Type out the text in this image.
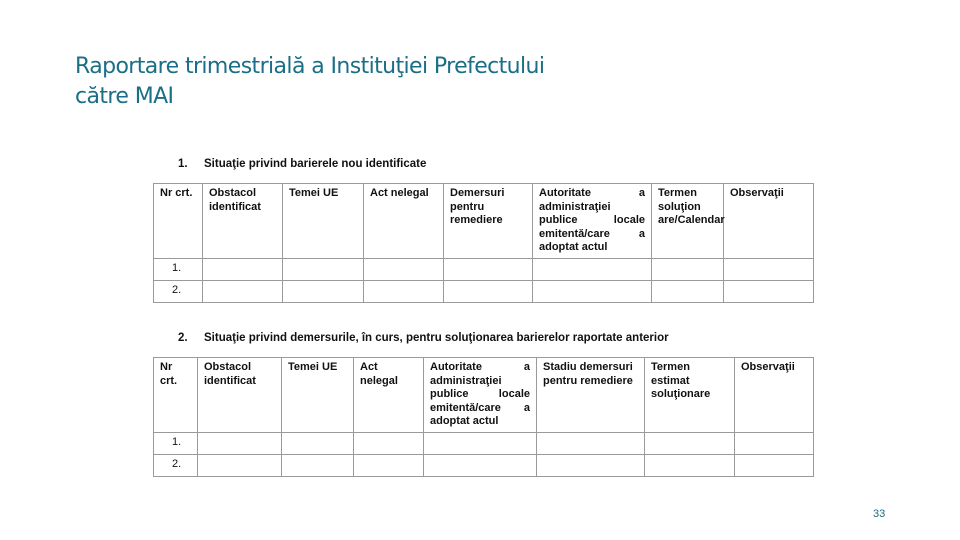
Raportare trimestrială a Instituţiei Prefectului
către MAI
1. Situaţie privind barierele nou identificate
Nr crt.	Obstacol identificat	Temei UE	Act nelegal	Demersuri pentru remediere	Autoritate a administraţiei publice locale emitentă/care a adoptat actul	Termen soluţion are/Calendar	Observaţii
1.							
2.							
2. Situaţie privind demersurile, în curs, pentru soluţionarea barierelor raportate anterior
Nr crt.	Obstacol identificat	Temei UE	Act nelegal	Autoritate a administraţiei publice locale emitentă/care a adoptat actul	Stadiu demersuri pentru remediere	Termen estimat soluţionare	Observaţii
1.							
2.							
33
